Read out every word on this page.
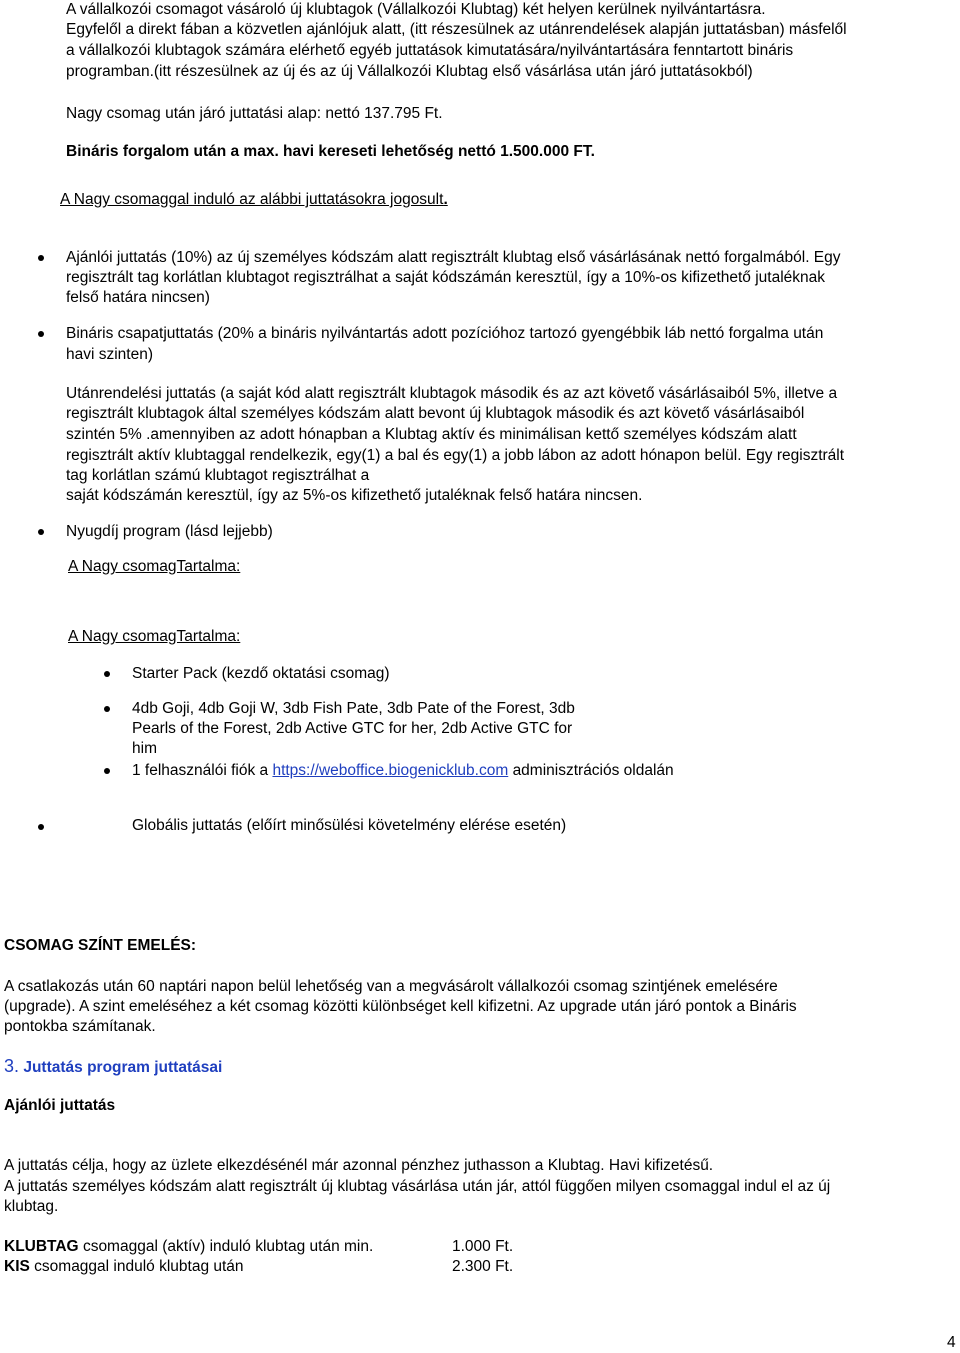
A vállalkozói csomagot vásároló új klubtagok (Vállalkozói Klubtag) két helyen kerülnek nyilvántartásra.
Egyfelől a direkt fában a közvetlen ajánlójuk alatt, (itt részesülnek az utánrendelések alapján juttatásban) másfelől
a vállalkozói klubtagok számára elérhető egyéb juttatások kimutatására/nyilvántartására fenntartott bináris
programban.(itt részesülnek az új és az új Vállalkozói Klubtag első vásárlása után járó juttatásokból)
Nagy csomag után járó juttatási alap: nettó 137.795 Ft.
Bináris forgalom után a max. havi kereseti lehetőség nettó 1.500.000 FT.
A Nagy csomaggal induló az alábbi juttatásokra jogosult.
Ajánlói juttatás (10%) az új személyes kódszám alatt regisztrált klubtag első vásárlásának nettó forgalmából. Egy
regisztrált tag korlátlan klubtagot regisztrálhat a saját kódszámán keresztül, így a 10%-os kifizethető jutaléknak
felső határa nincsen)
Bináris csapatjuttatás (20% a bináris nyilvántartás adott pozícióhoz tartozó gyengébbik láb nettó forgalma után
havi szinten)
Utánrendelési juttatás (a saját kód alatt regisztrált klubtagok második és az azt követő vásárlásaiból 5%, illetve a
regisztrált klubtagok által személyes kódszám alatt bevont új klubtagok második és azt követő vásárlásaiból
szintén 5% .amennyiben az adott hónapban a Klubtag aktív és minimálisan kettő személyes kódszám alatt
regisztrált aktív klubtaggal rendelkezik, egy(1) a bal és egy(1) a jobb lábon az adott hónapon belül. Egy regisztrált
tag korlátlan számú klubtagot regisztrálhat a
saját kódszámán keresztül, így az 5%-os kifizethető jutaléknak felső határa nincsen.
Nyugdíj program (lásd lejjebb)
A Nagy csomagTartalma:
A Nagy csomagTartalma:
Starter Pack (kezdő oktatási csomag)
4db Goji, 4db Goji W, 3db Fish Pate, 3db Pate of the Forest, 3db
Pearls of the Forest, 2db Active GTC for her, 2db Active GTC for
him
1 felhasználói fiók a https://weboffice.biogenicklub.com adminisztrációs oldalán
Globális juttatás (előírt minősülési követelmény elérése esetén)
CSOMAG SZÍNT EMELÉS:
A csatlakozás után 60 naptári napon belül lehetőség van a megvásárolt vállalkozói csomag szintjének emelésére
(upgrade). A szint emeléséhez a két csomag közötti különbséget kell kifizetni. Az upgrade után járó pontok a Bináris
pontokba számítanak.
3. Juttatás program juttatásai
Ajánlói juttatás
A juttatás célja, hogy az üzlete elkezdésénél már azonnal pénzhez juthasson a Klubtag. Havi kifizetésű.
A juttatás személyes kódszám alatt regisztrált új klubtag vásárlása után jár, attól függően milyen csomaggal indul el az új
klubtag.
KLUBTAG csomaggal (aktív) induló klubtag után min.	1.000 Ft.
KIS csomaggal induló klubtag után	2.300 Ft.
4
